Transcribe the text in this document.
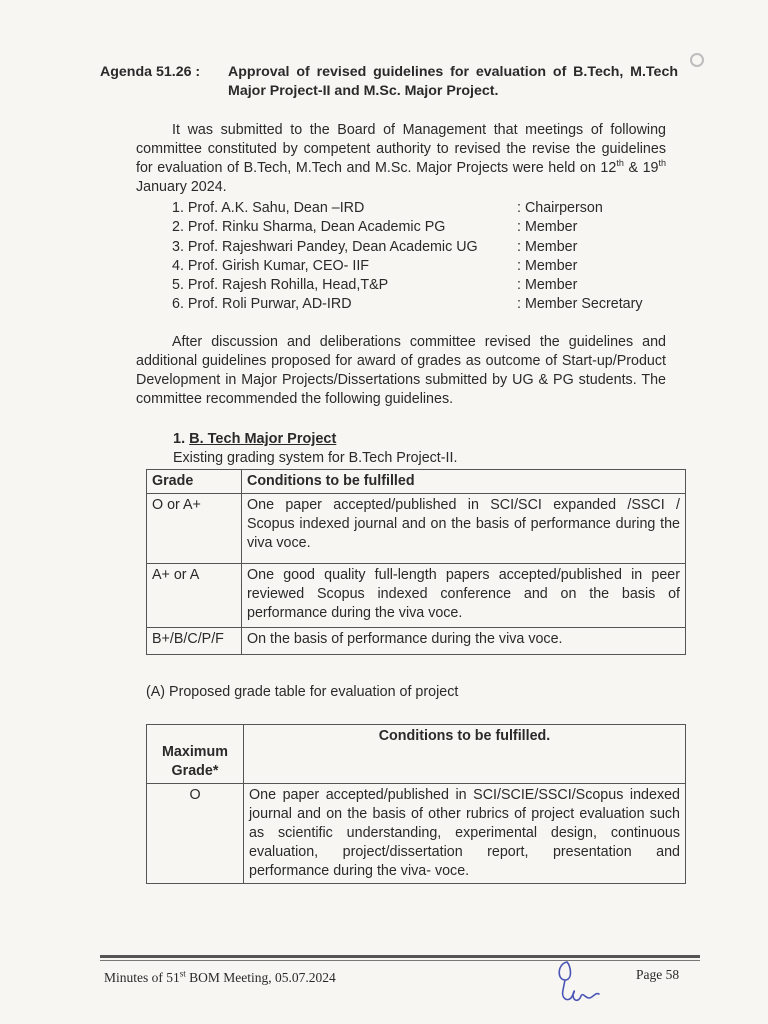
Agenda 51.26 : Approval of revised guidelines for evaluation of B.Tech, M.Tech Major Project-II and M.Sc. Major Project.
It was submitted to the Board of Management that meetings of following committee constituted by competent authority to revised the revise the guidelines for evaluation of B.Tech, M.Tech and M.Sc. Major Projects were held on 12th & 19th January 2024.
1. Prof. A.K. Sahu, Dean –IRD	: Chairperson
2. Prof. Rinku Sharma, Dean Academic PG	: Member
3. Prof. Rajeshwari Pandey, Dean Academic UG	: Member
4. Prof. Girish Kumar, CEO- IIF	: Member
5. Prof. Rajesh Rohilla, Head,T&P	: Member
6. Prof. Roli Purwar, AD-IRD	: Member Secretary
After discussion and deliberations committee revised the guidelines and additional guidelines proposed for award of grades as outcome of Start-up/Product Development in Major Projects/Dissertations submitted by UG & PG students. The committee recommended the following guidelines.
1. B. Tech Major Project
Existing grading system for B.Tech Project-II.
Grade	Conditions to be fulfilled
O or A+	One paper accepted/published in SCI/SCI expanded /SSCI / Scopus indexed journal and on the basis of performance during the viva voce.
A+ or A	One good quality full-length papers accepted/published in peer reviewed Scopus indexed conference and on the basis of performance during the viva voce.
B+/B/C/P/F	On the basis of performance during the viva voce.
(A) Proposed grade table for evaluation of project
Maximum Grade*	Conditions to be fulfilled.
O	One paper accepted/published in SCI/SCIE/SSCI/Scopus indexed journal and on the basis of other rubrics of project evaluation such as scientific understanding, experimental design, continuous evaluation, project/dissertation report, presentation and performance during the viva- voce.
Minutes of 51st BOM Meeting, 05.07.2024	Page 58
